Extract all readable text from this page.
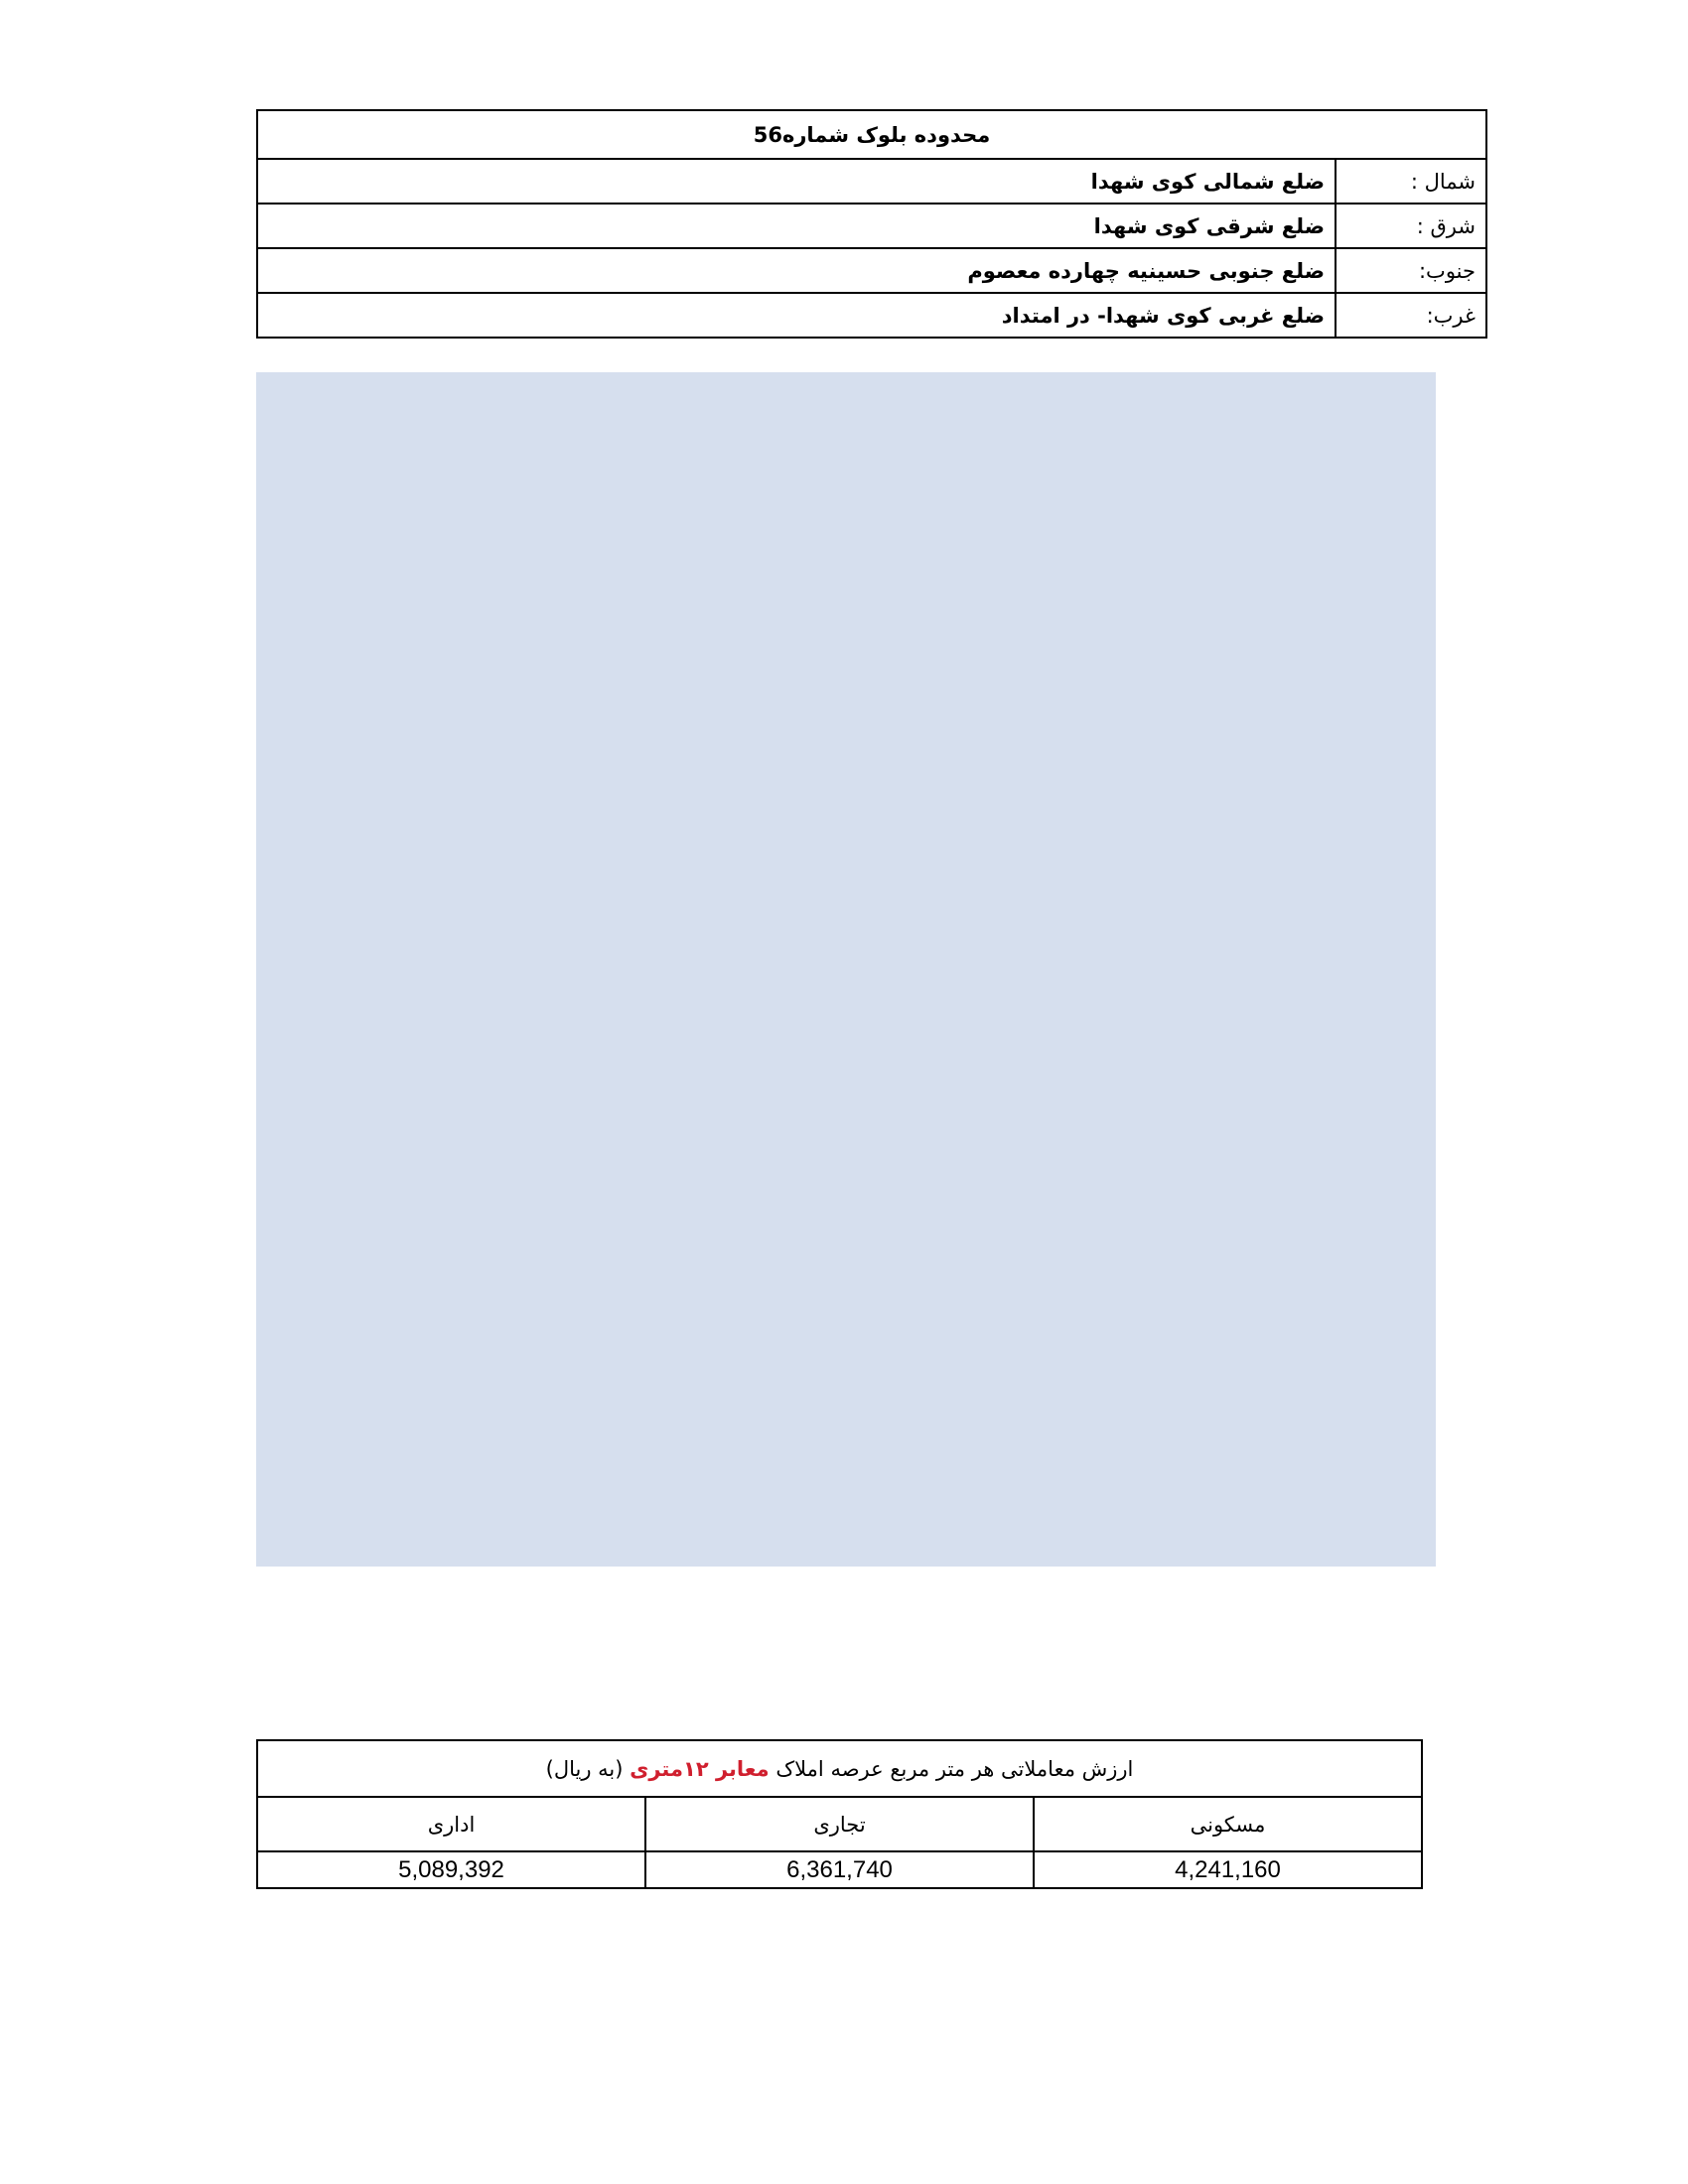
محدوده بلوک شماره56	
شمال :	ضلع شمالی کوی شهدا
شرق :	ضلع شرقی کوی شهدا
جنوب:	ضلع جنوبی حسینیه چهارده معصوم
غرب:	ضلع غربی کوی شهدا- در امتداد
ارزش معاملاتی هر متر مربع عرصه املاک معابر ۱۲متری (به ریال)		
مسکونی	تجاری	اداری
4,241,160	6,361,740	5,089,392
